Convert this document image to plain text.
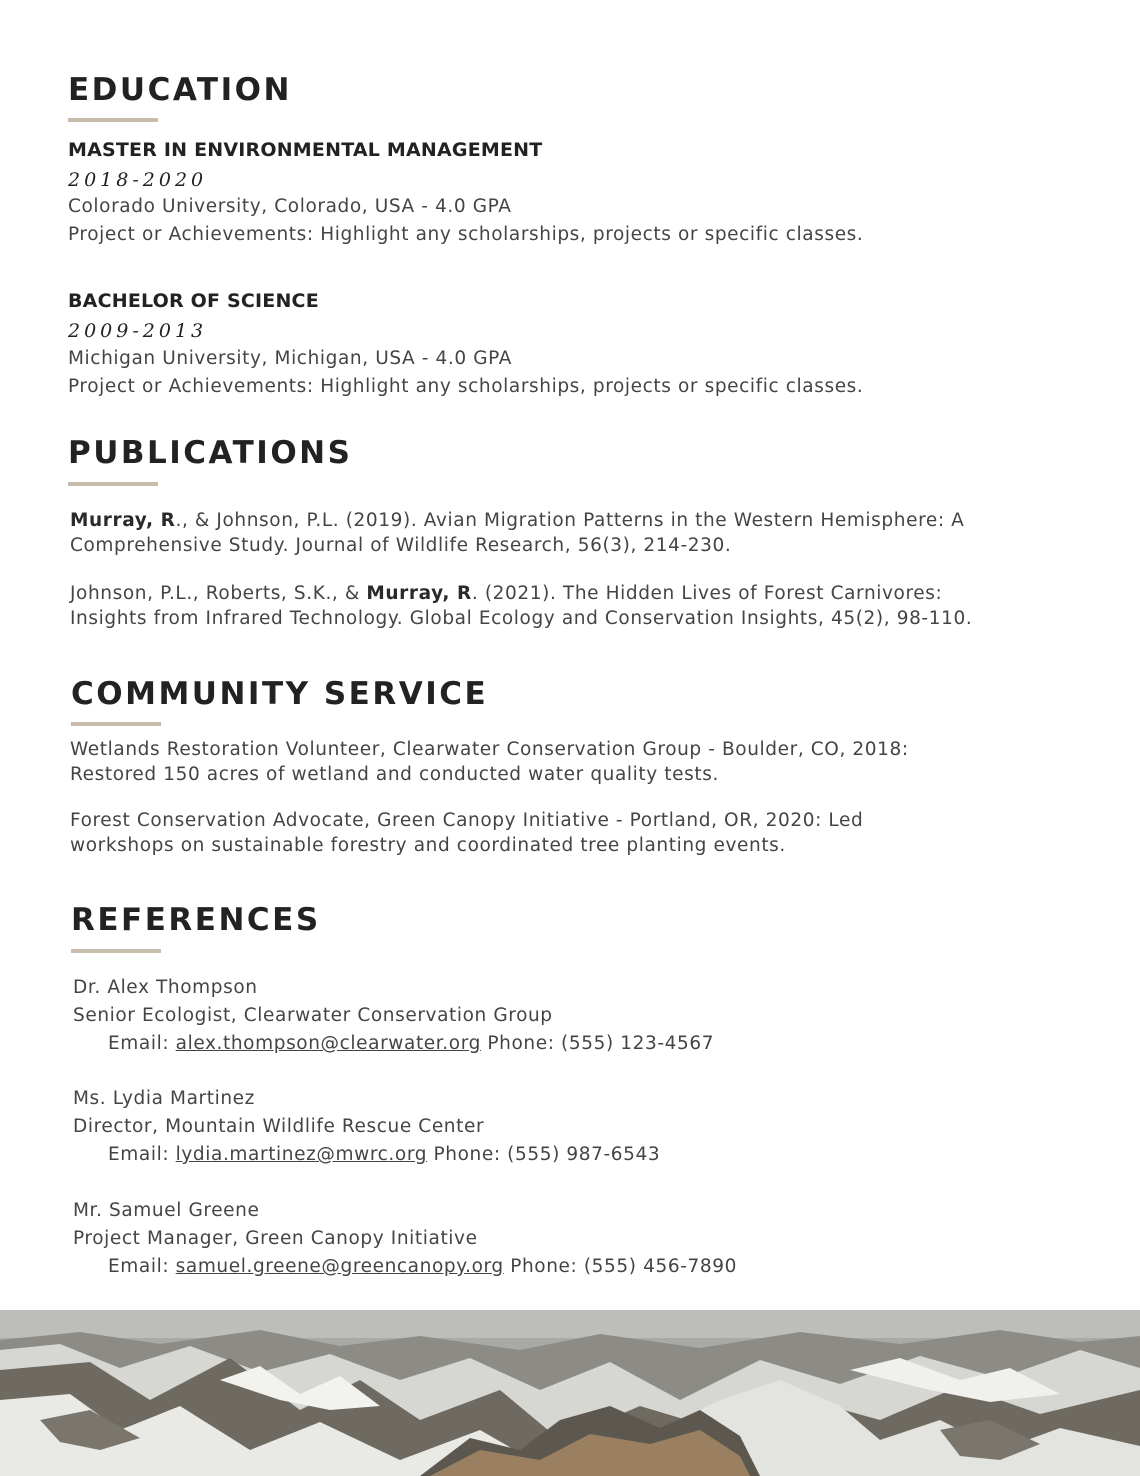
EDUCATION
MASTER IN ENVIRONMENTAL MANAGEMENT
2018-2020
Colorado University, Colorado, USA - 4.0 GPA
Project or Achievements: Highlight any scholarships, projects or specific classes.
BACHELOR OF SCIENCE
2009-2013
Michigan University, Michigan, USA - 4.0 GPA
Project or Achievements: Highlight any scholarships, projects or specific classes.
PUBLICATIONS
Murray, R., & Johnson, P.L. (2019). Avian Migration Patterns in the Western Hemisphere: A
Comprehensive Study. Journal of Wildlife Research, 56(3), 214-230.
Johnson, P.L., Roberts, S.K., & Murray, R. (2021). The Hidden Lives of Forest Carnivores:
Insights from Infrared Technology. Global Ecology and Conservation Insights, 45(2), 98-110.
COMMUNITY SERVICE
Wetlands Restoration Volunteer, Clearwater Conservation Group - Boulder, CO, 2018:
Restored 150 acres of wetland and conducted water quality tests.
Forest Conservation Advocate, Green Canopy Initiative - Portland, OR, 2020: Led
workshops on sustainable forestry and coordinated tree planting events.
REFERENCES
Dr. Alex Thompson
Senior Ecologist, Clearwater Conservation Group
Email: alex.thompson@clearwater.org Phone: (555) 123-4567
Ms. Lydia Martinez
Director, Mountain Wildlife Rescue Center
Email: lydia.martinez@mwrc.org Phone: (555) 987-6543
Mr. Samuel Greene
Project Manager, Green Canopy Initiative
Email: samuel.greene@greencanopy.org Phone: (555) 456-7890
